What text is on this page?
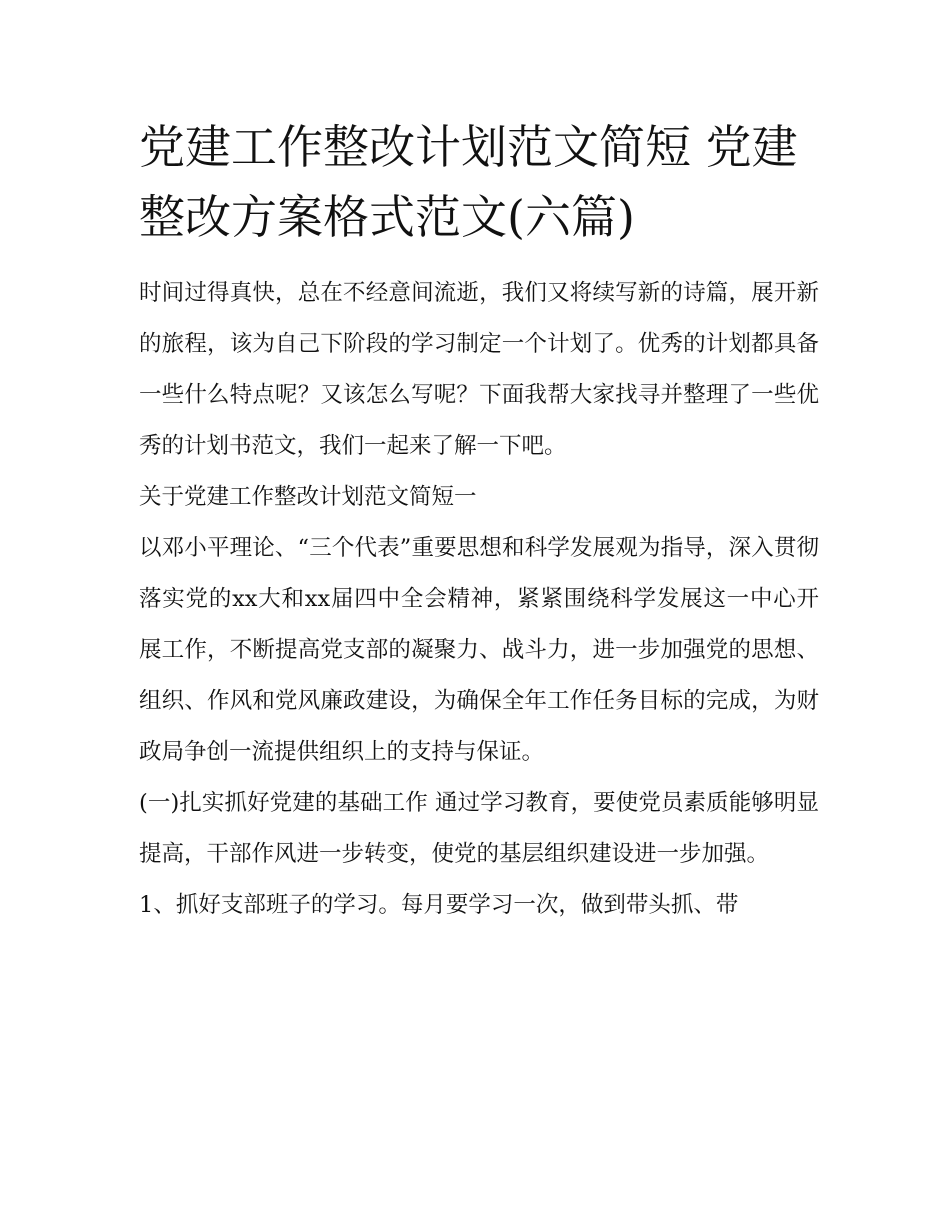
党建工作整改计划范文简短 党建整改方案格式范文(六篇)

时间过得真快，总在不经意间流逝，我们又将续写新的诗篇，展开新的旅程，该为自己下阶段的学习制定一个计划了。优秀的计划都具备一些什么特点呢？又该怎么写呢？下面我帮大家找寻并整理了一些优秀的计划书范文，我们一起来了解一下吧。

关于党建工作整改计划范文简短一

以邓小平理论、“三个代表”重要思想和科学发展观为指导，深入贯彻落实党的xx大和xx届四中全会精神，紧紧围绕科学发展这一中心开展工作，不断提高党支部的凝聚力、战斗力，进一步加强党的思想、组织、作风和党风廉政建设，为确保全年工作任务目标的完成，为财政局争创一流提供组织上的支持与保证。

(一)扎实抓好党建的基础工作 通过学习教育，要使党员素质能够明显提高，干部作风进一步转变，使党的基层组织建设进一步加强。

1、抓好支部班子的学习。每月要学习一次，做到带头抓、带
